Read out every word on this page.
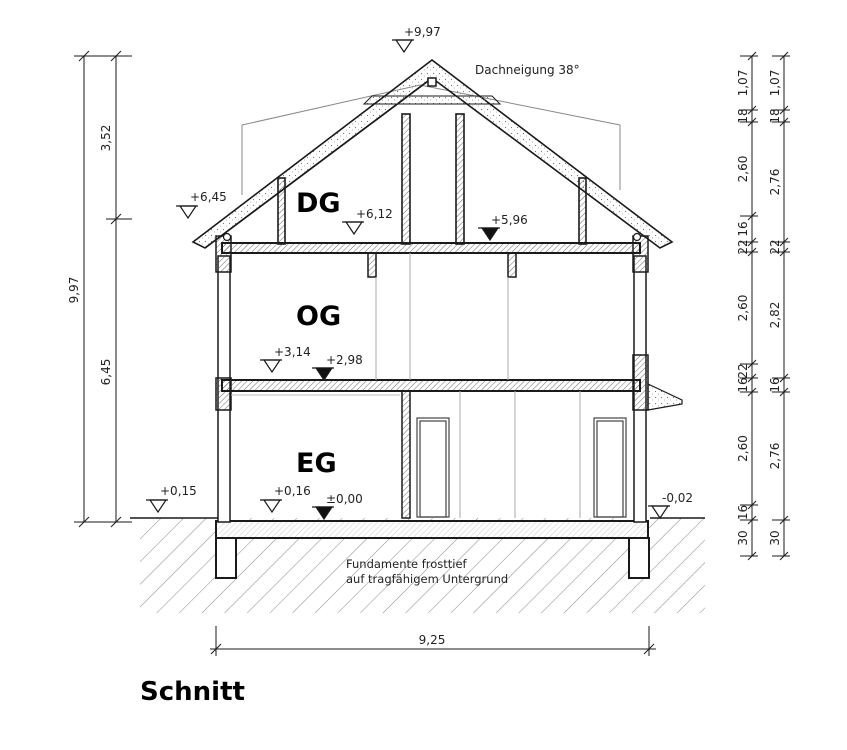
+9,97
+6,45
+6,12	+5,96
+3,14
+2,98
+0,15	+0,16
±0,00	-0,02
DG
OG
EG
Dachneigung 38°
Fundamente frosttief
auf tragfähigem Untergrund
9,97
3,52
6,45
1,07
18
2,60
16
22
2,60
22
16
2,60
16
30
1,07
18
2,76
22
2,82
16
2,76
30
9,25
Schnitt
